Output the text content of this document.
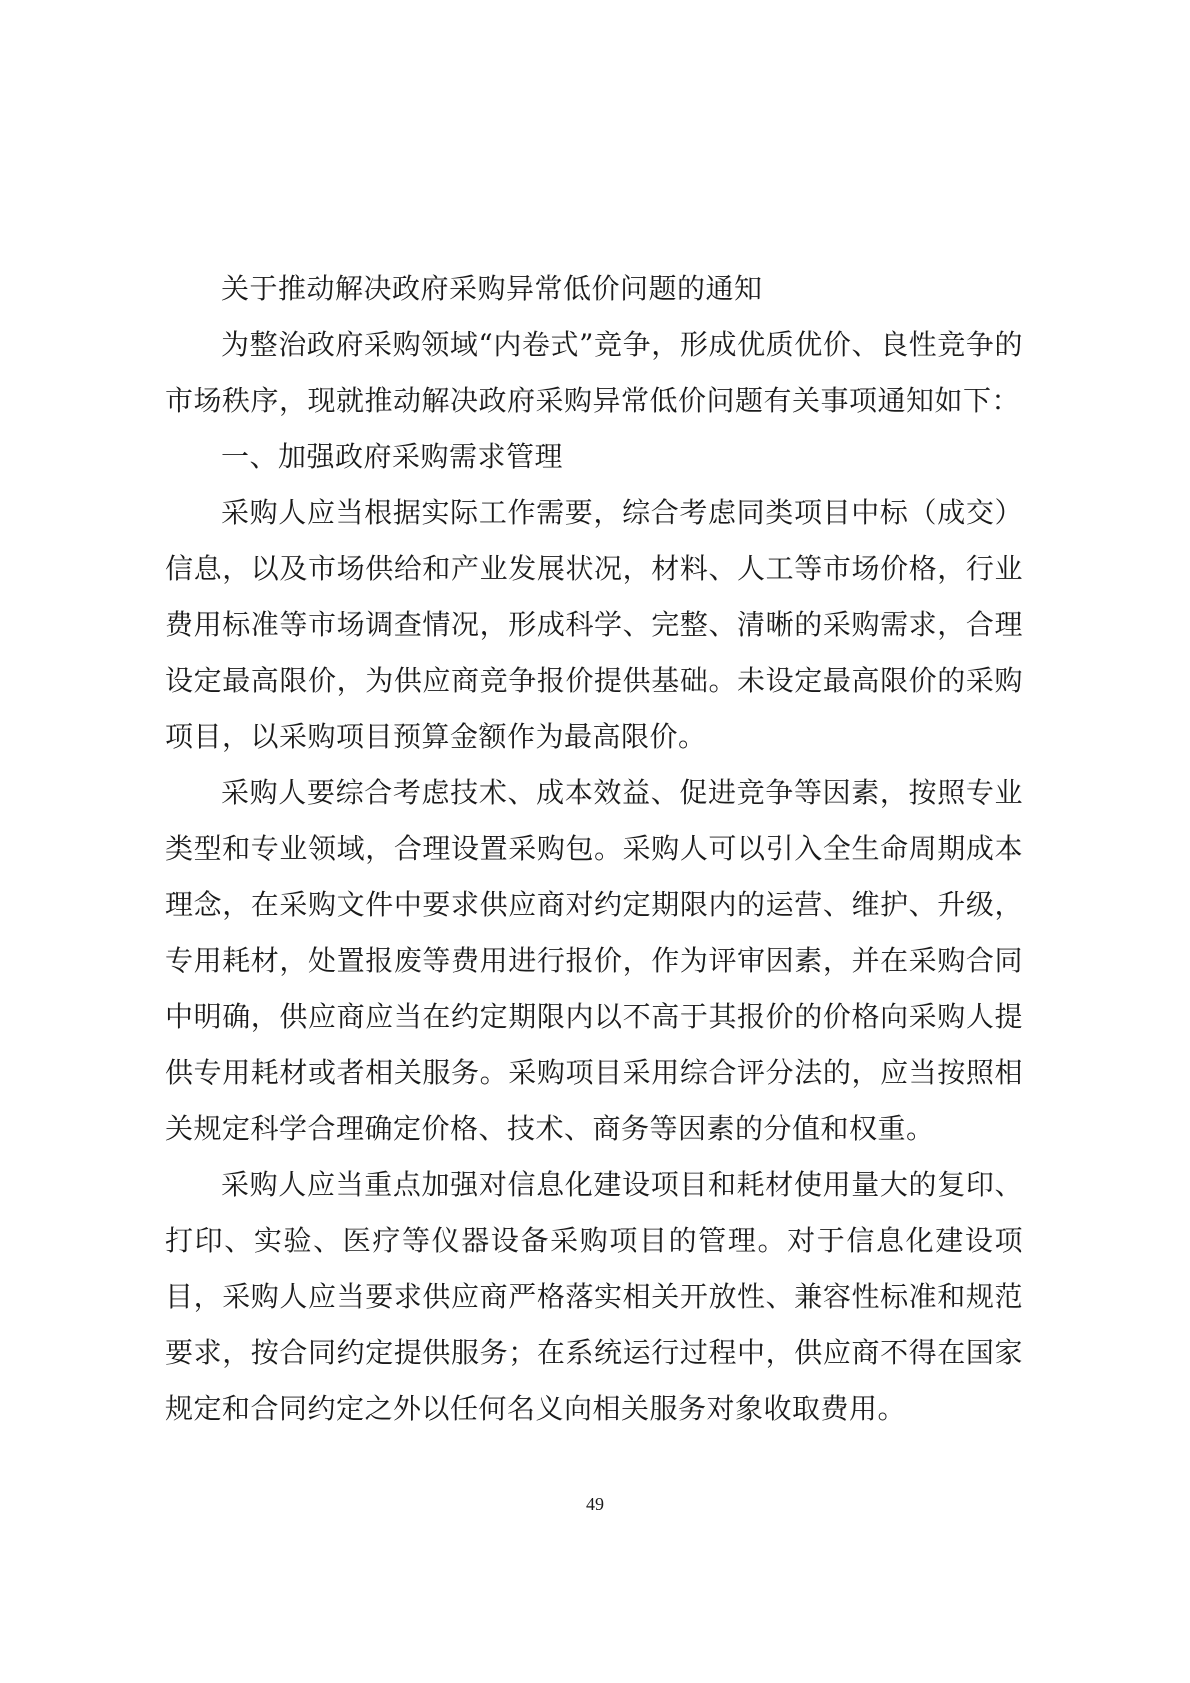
关于推动解决政府采购异常低价问题的通知

为整治政府采购领域“内卷式”竞争，形成优质优价、良性竞争的市场秩序，现就推动解决政府采购异常低价问题有关事项通知如下：

一、加强政府采购需求管理

采购人应当根据实际工作需要，综合考虑同类项目中标（成交）信息，以及市场供给和产业发展状况，材料、人工等市场价格，行业费用标准等市场调查情况，形成科学、完整、清晰的采购需求，合理设定最高限价，为供应商竞争报价提供基础。未设定最高限价的采购项目，以采购项目预算金额作为最高限价。

采购人要综合考虑技术、成本效益、促进竞争等因素，按照专业类型和专业领域，合理设置采购包。采购人可以引入全生命周期成本理念，在采购文件中要求供应商对约定期限内的运营、维护、升级，专用耗材，处置报废等费用进行报价，作为评审因素，并在采购合同中明确，供应商应当在约定期限内以不高于其报价的价格向采购人提供专用耗材或者相关服务。采购项目采用综合评分法的，应当按照相关规定科学合理确定价格、技术、商务等因素的分值和权重。

采购人应当重点加强对信息化建设项目和耗材使用量大的复印、打印、实验、医疗等仪器设备采购项目的管理。对于信息化建设项目，采购人应当要求供应商严格落实相关开放性、兼容性标准和规范要求，按合同约定提供服务；在系统运行过程中，供应商不得在国家规定和合同约定之外以任何名义向相关服务对象收取费用。

49
